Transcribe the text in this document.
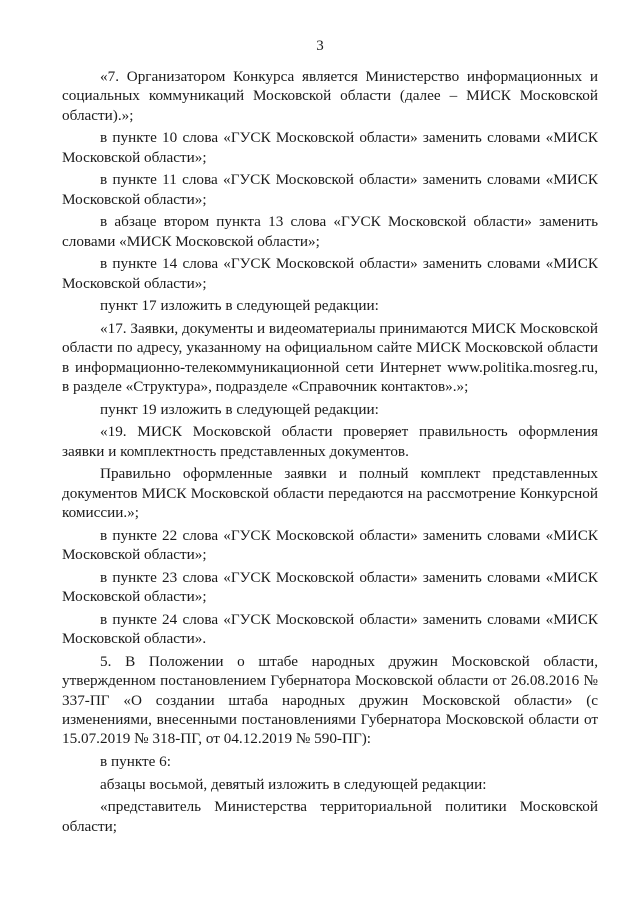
3

«7. Организатором Конкурса является Министерство информационных и социальных коммуникаций Московской области (далее – МИСК Московской области).»;

в пункте 10 слова «ГУСК Московской области» заменить словами «МИСК Московской области»;

в пункте 11 слова «ГУСК Московской области» заменить словами «МИСК Московской области»;

в абзаце втором пункта 13 слова «ГУСК Московской области» заменить словами «МИСК Московской области»;

в пункте 14 слова «ГУСК Московской области» заменить словами «МИСК Московской области»;

пункт 17 изложить в следующей редакции:

«17. Заявки, документы и видеоматериалы принимаются МИСК Московской области по адресу, указанному на официальном сайте МИСК Московской области в информационно-телекоммуникационной сети Интернет www.politika.mosreg.ru, в разделе «Структура», подразделе «Справочник контактов».»;

пункт 19 изложить в следующей редакции:

«19. МИСК Московской области проверяет правильность оформления заявки и комплектность представленных документов.

Правильно оформленные заявки и полный комплект представленных документов МИСК Московской области передаются на рассмотрение Конкурсной комиссии.»;

в пункте 22 слова «ГУСК Московской области» заменить словами «МИСК Московской области»;

в пункте 23 слова «ГУСК Московской области» заменить словами «МИСК Московской области»;

в пункте 24 слова «ГУСК Московской области» заменить словами «МИСК Московской области».

5. В Положении о штабе народных дружин Московской области, утвержденном постановлением Губернатора Московской области от 26.08.2016 № 337-ПГ «О создании штаба народных дружин Московской области» (с изменениями, внесенными постановлениями Губернатора Московской области от 15.07.2019 № 318-ПГ, от 04.12.2019 № 590-ПГ):

в пункте 6:

абзацы восьмой, девятый изложить в следующей редакции:

«представитель Министерства территориальной политики Московской области;
